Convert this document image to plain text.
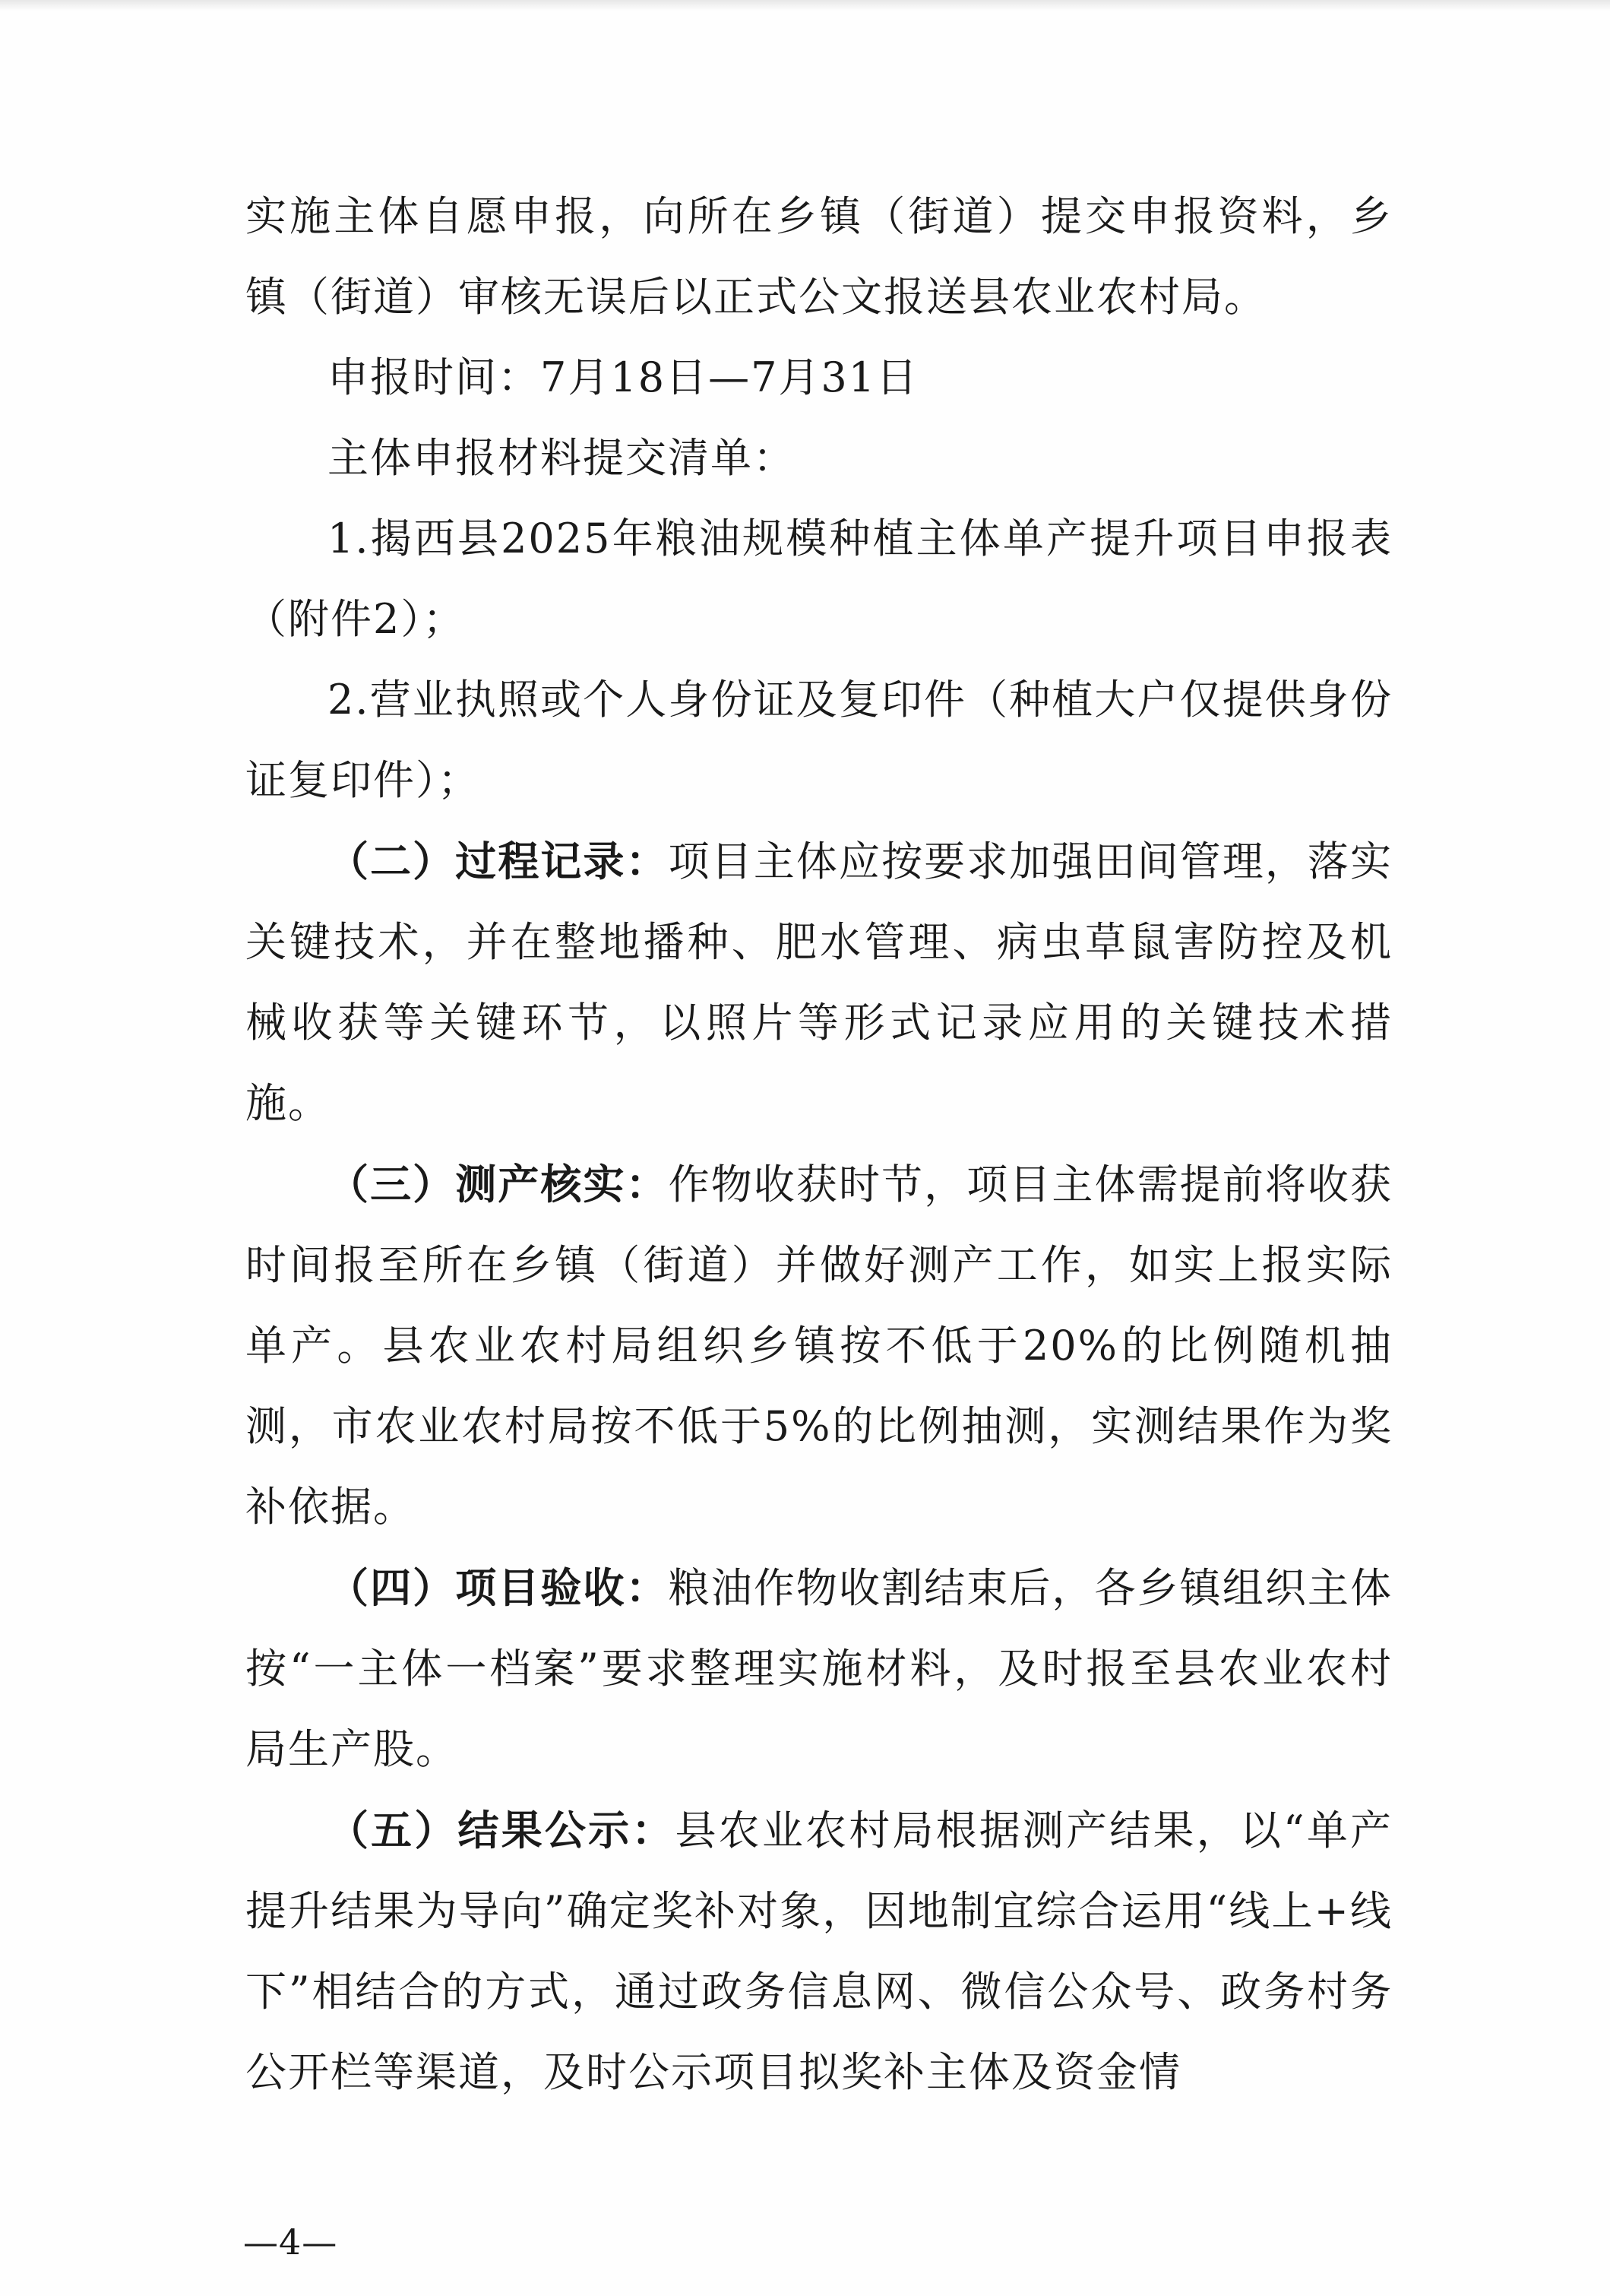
实施主体自愿申报，向所在乡镇（街道）提交申报资料，乡镇（街道）审核无误后以正式公文报送县农业农村局。

申报时间：7月18日—7月31日

主体申报材料提交清单：

1.揭西县2025年粮油规模种植主体单产提升项目申报表（附件2）；

2.营业执照或个人身份证及复印件（种植大户仅提供身份证复印件）；

（二）过程记录：项目主体应按要求加强田间管理，落实关键技术，并在整地播种、肥水管理、病虫草鼠害防控及机械收获等关键环节，以照片等形式记录应用的关键技术措施。

（三）测产核实：作物收获时节，项目主体需提前将收获时间报至所在乡镇（街道）并做好测产工作，如实上报实际单产。县农业农村局组织乡镇按不低于20%的比例随机抽测，市农业农村局按不低于5%的比例抽测，实测结果作为奖补依据。

（四）项目验收：粮油作物收割结束后，各乡镇组织主体按“一主体一档案”要求整理实施材料，及时报至县农业农村局生产股。

（五）结果公示：县农业农村局根据测产结果，以“单产提升结果为导向”确定奖补对象，因地制宜综合运用“线上+线下”相结合的方式，通过政务信息网、微信公众号、政务村务公开栏等渠道，及时公示项目拟奖补主体及资金情

—4—
